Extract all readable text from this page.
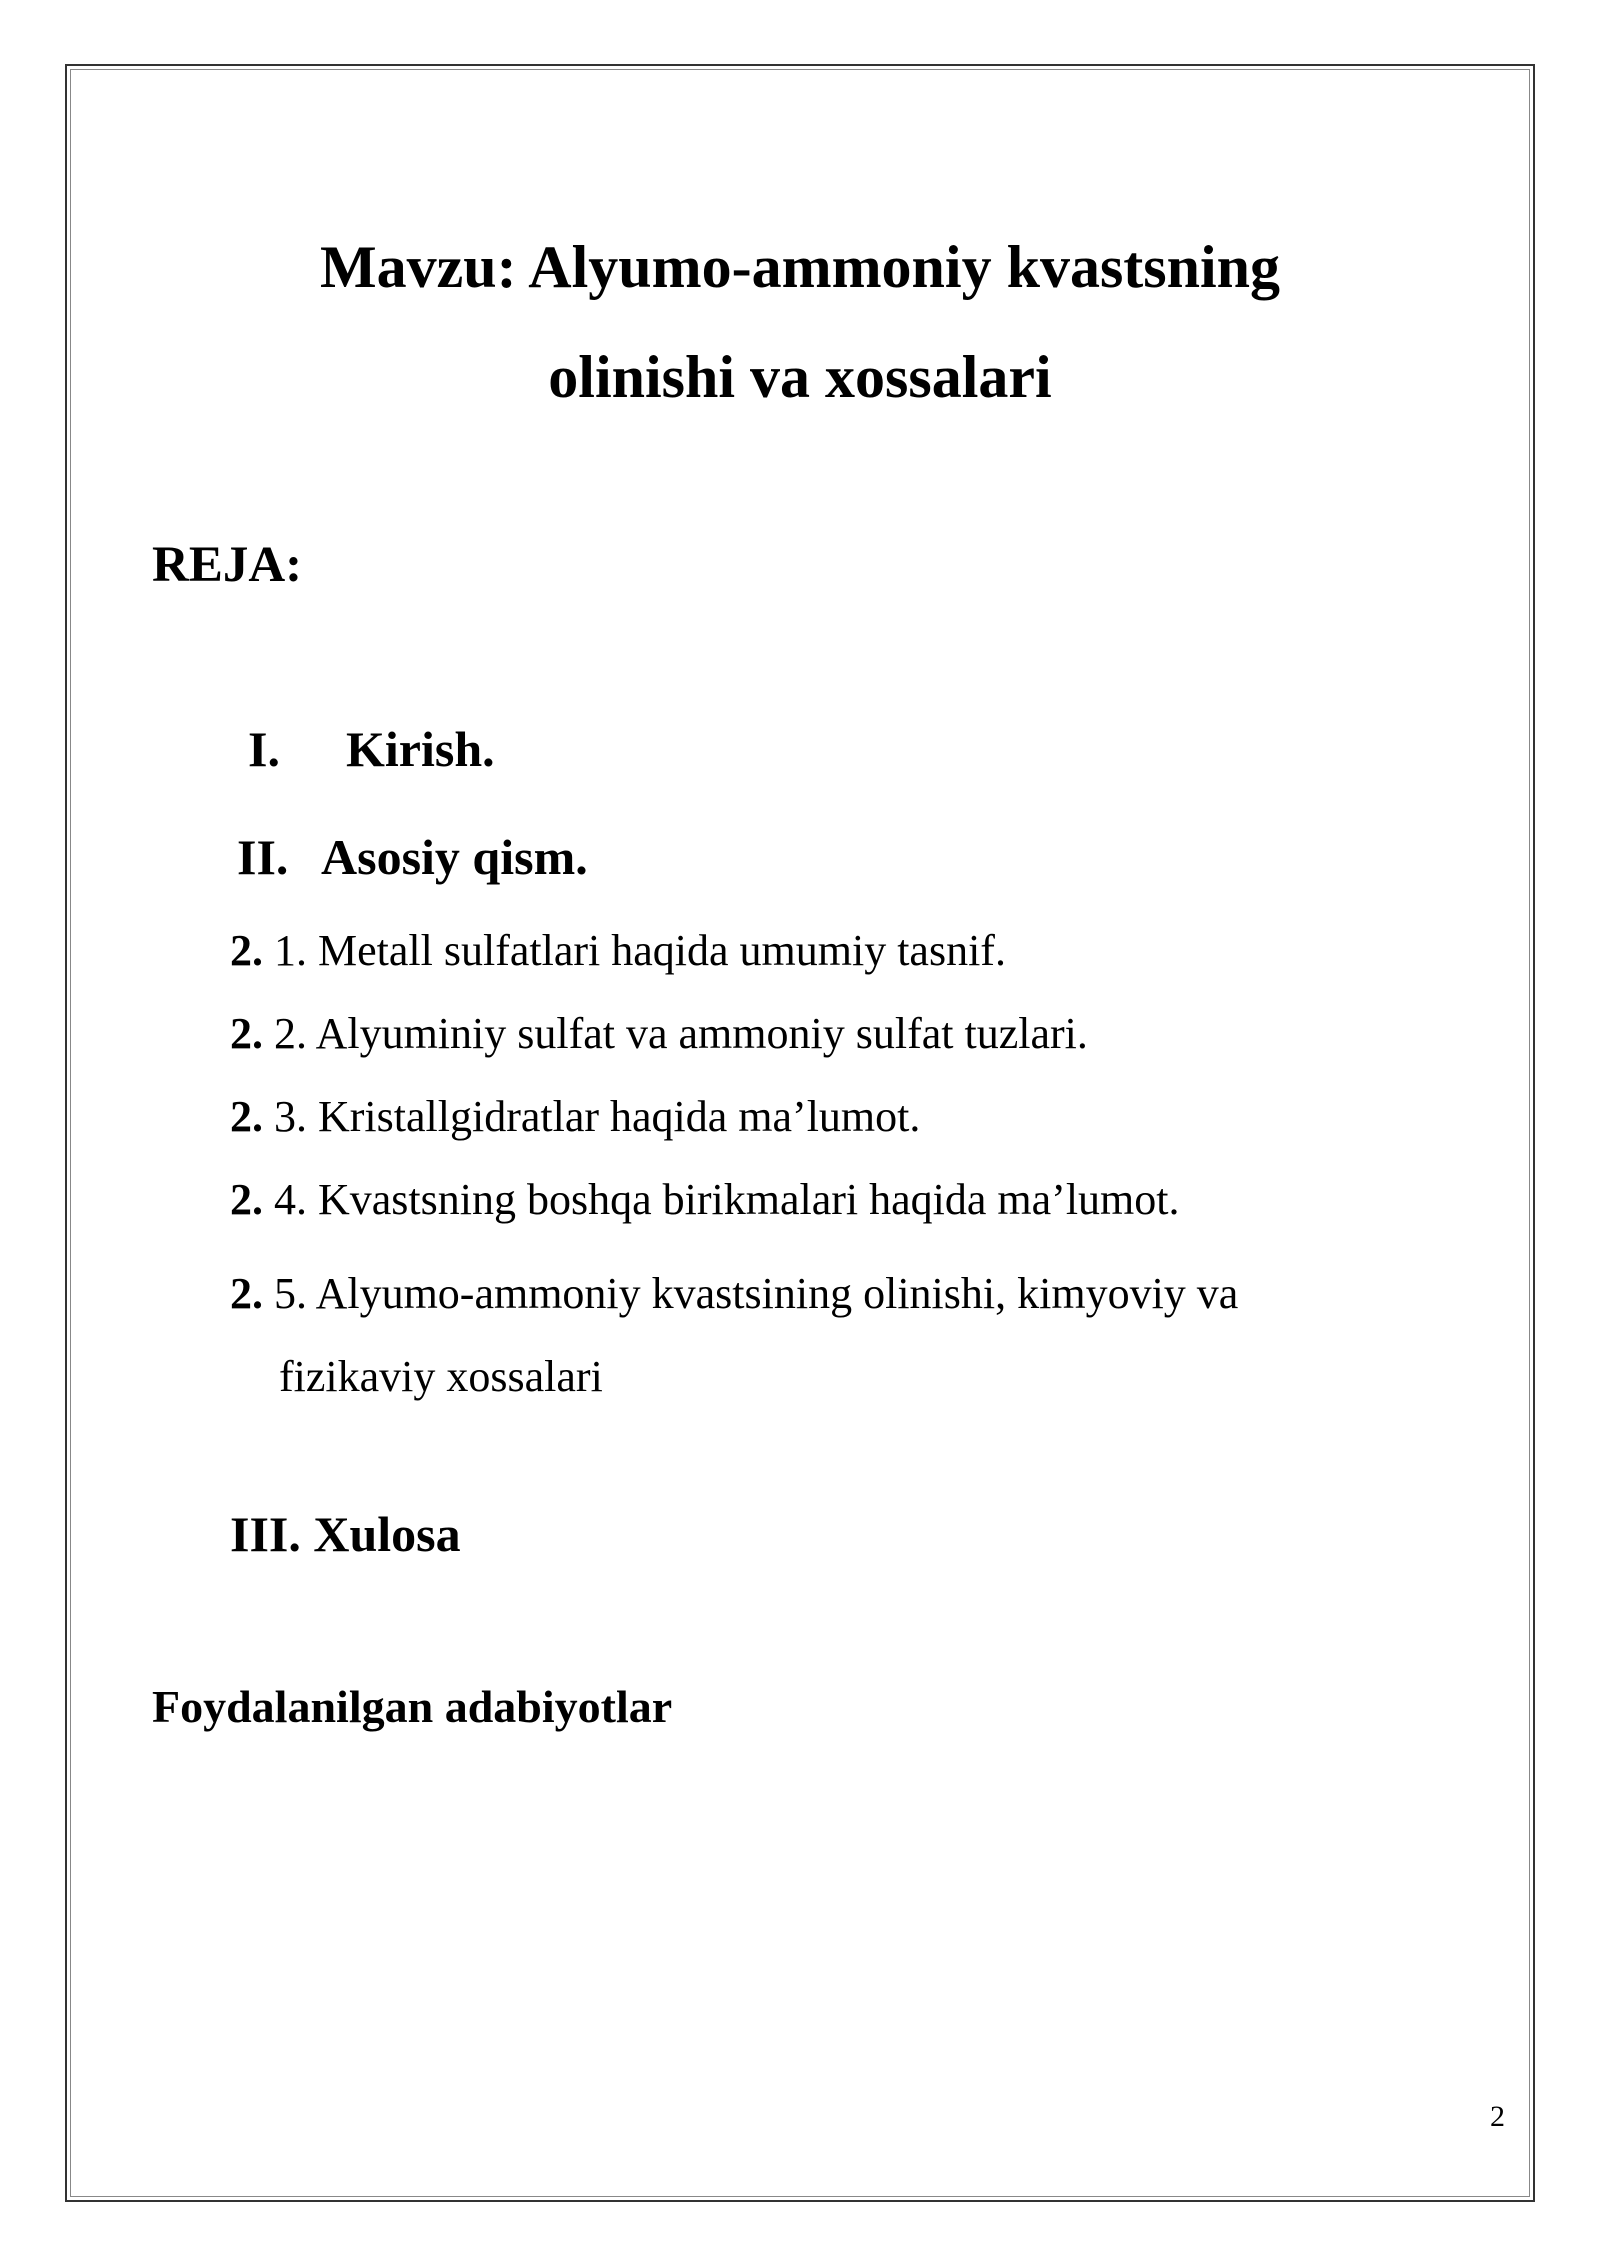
Mavzu: Alyumo-ammoniy kvastsning
olinishi va xossalari
REJA:
I. Kirish.
II. Asosiy qism.
2. 1. Metall sulfatlari haqida umumiy tasnif.
2. 2. Alyuminiy sulfat va ammoniy sulfat tuzlari.
2. 3. Kristallgidratlar haqida ma’lumot.
2. 4. Kvastsning boshqa birikmalari haqida ma’lumot.
2. 5. Alyumo-ammoniy kvastsining olinishi, kimyoviy va
fizikaviy xossalari
III. Xulosa
Foydalanilgan adabiyotlar
2
